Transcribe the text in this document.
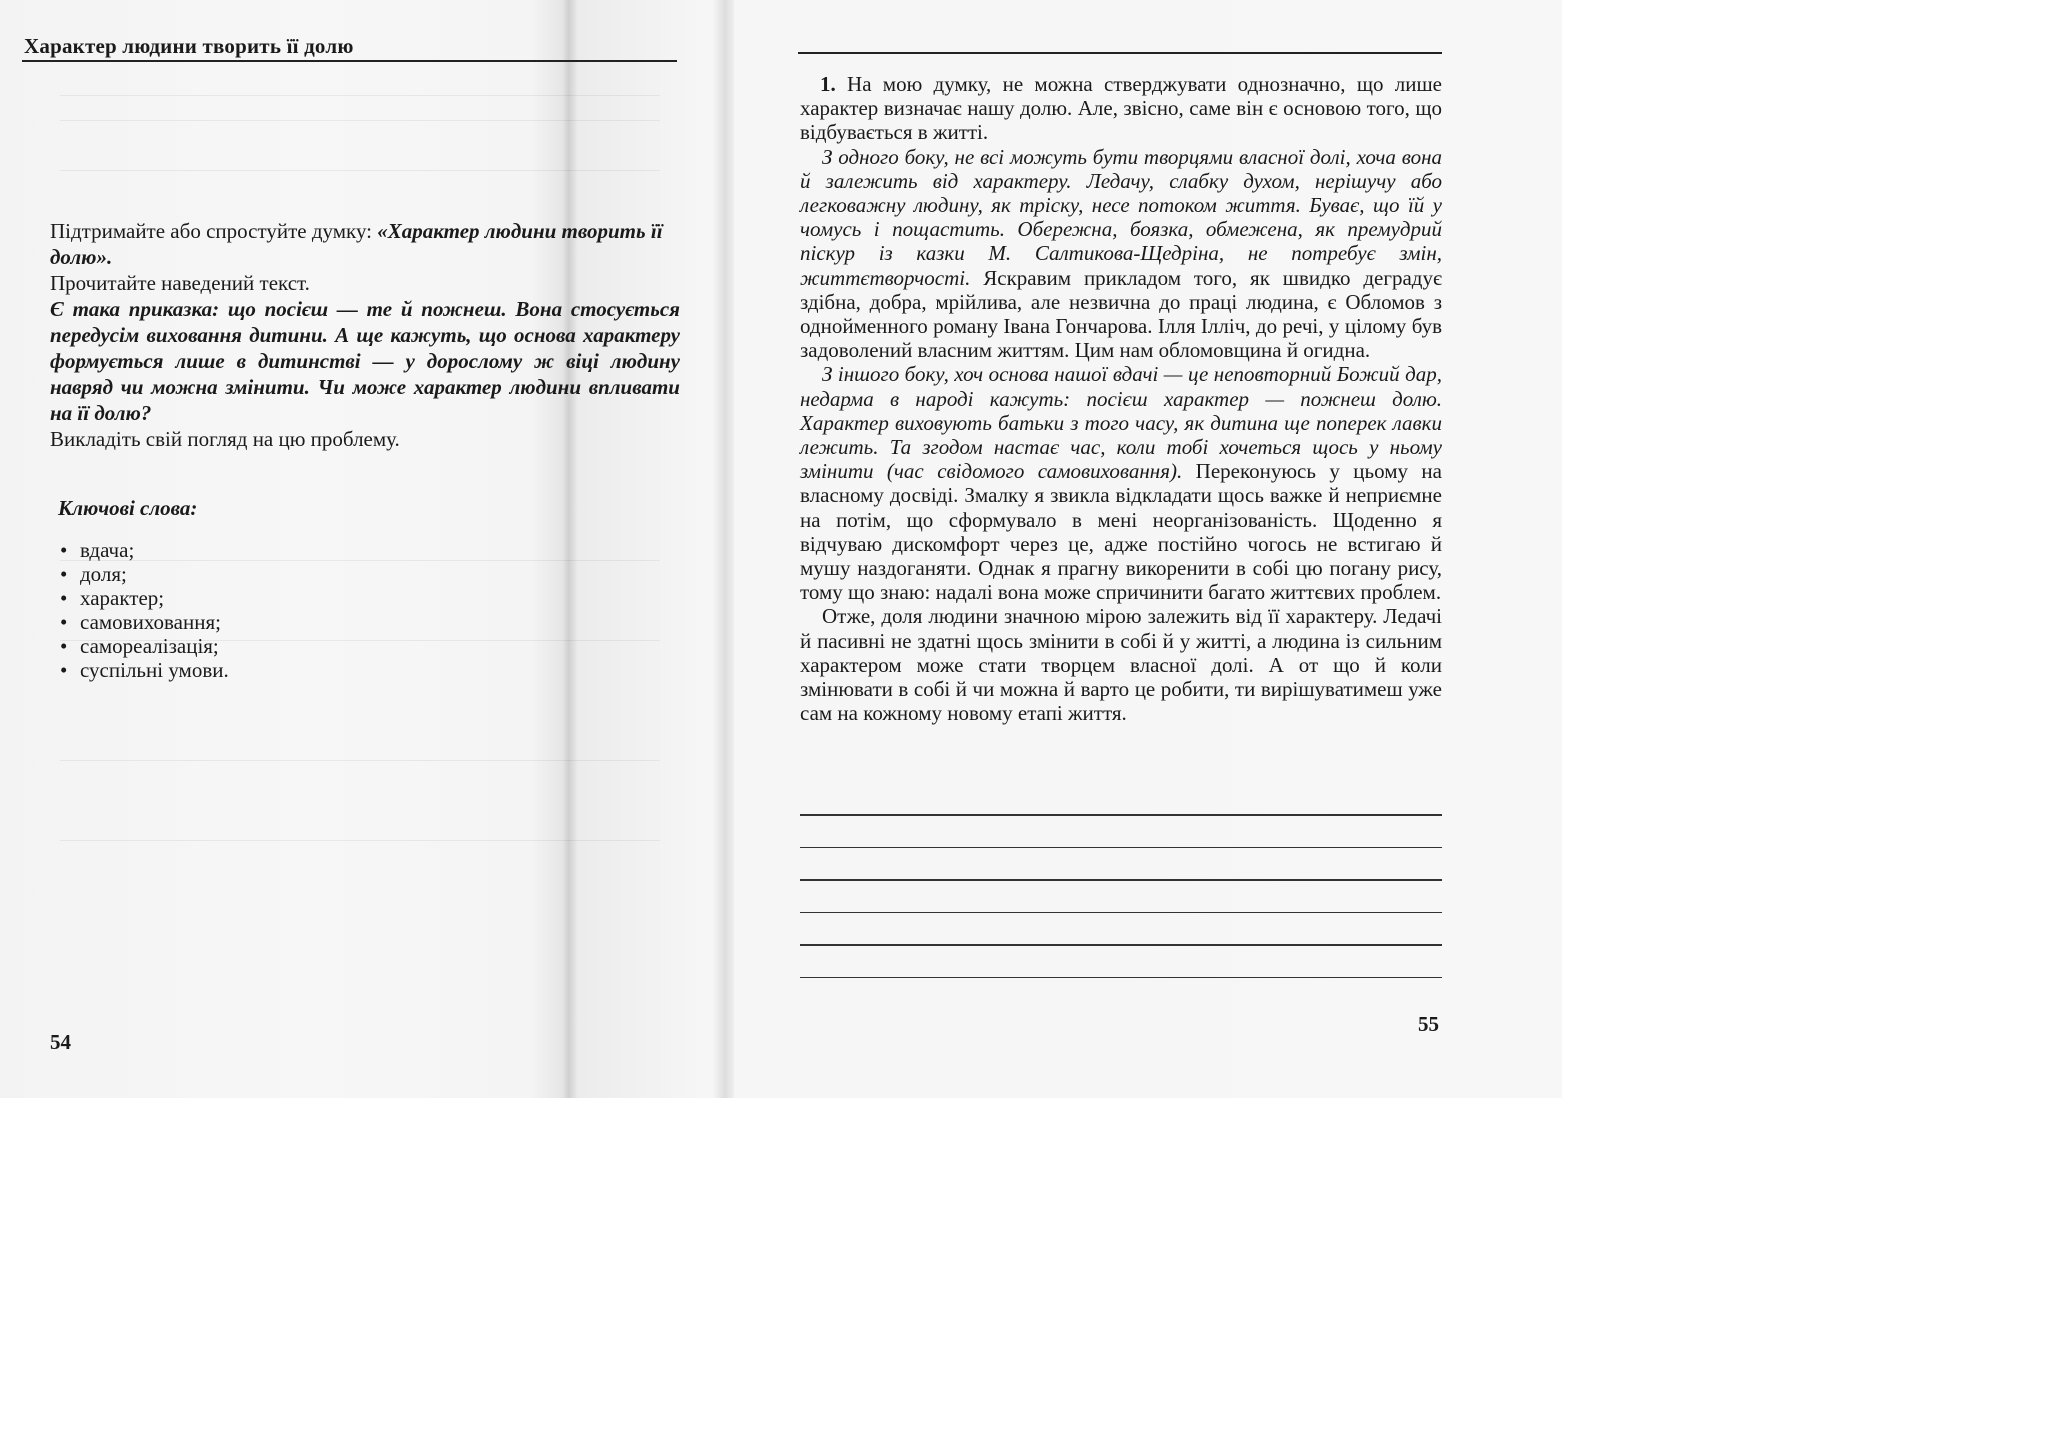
Характер людини творить її долю

Підтримайте або спростуйте думку: «Характер людини творить її долю».

Прочитайте наведений текст.

Є така приказка: що посієш — те й пожнеш. Вона стосується передусім виховання дитини. А ще кажуть, що основа характеру формується лише в дитинстві — у дорослому ж віці людину навряд чи можна змінити. Чи може характер людини впливати на її долю?

Викладіть свій погляд на цю проблему.

Ключові слова:
• вдача;
• доля;
• характер;
• самовиховання;
• самореалізація;
• суспільні умови.
54

1. На мою думку, не можна стверджувати однозначно, що лише характер визначає нашу долю. Але, звісно, саме він є основою того, що відбувається в житті.

З одного боку, не всі можуть бути творцями власної долі, хоча вона й залежить від характеру. Ледачу, слабку духом, нерішучу або легковажну людину, як тріску, несе потоком життя. Буває, що їй у чомусь і пощастить. Обережна, боязка, обмежена, як премудрий піскур із казки М. Салтикова-Щедріна, не потребує змін, життєтворчості. Яскравим прикладом того, як швидко деградує здібна, добра, мрійлива, але незвична до праці людина, є Обломов з однойменного роману Івана Гончарова. Ілля Ілліч, до речі, у цілому був задоволений власним життям. Цим нам обломовщина й огидна.

З іншого боку, хоч основа нашої вдачі — це неповторний Божий дар, недарма в народі кажуть: посієш характер — пожнеш долю. Характер виховують батьки з того часу, як дитина ще поперек лавки лежить. Та згодом настає час, коли тобі хочеться щось у ньому змінити (час свідомого самовиховання). Переконуюсь у цьому на власному досвіді. Змалку я звикла відкладати щось важке й неприємне на потім, що сформувало в мені неорганізованість. Щоденно я відчуваю дискомфорт через це, адже постійно чогось не встигаю й мушу наздоганяти. Однак я прагну викоренити в собі цю погану рису, тому що знаю: надалі вона може спричинити багато життєвих проблем.

Отже, доля людини значною мірою залежить від її характеру. Ледачі й пасивні не здатні щось змінити в собі й у житті, а людина із сильним характером може стати творцем власної долі. А от що й коли змінювати в собі й чи можна й варто це робити, ти вирішуватимеш уже сам на кожному новому етапі життя.

55
